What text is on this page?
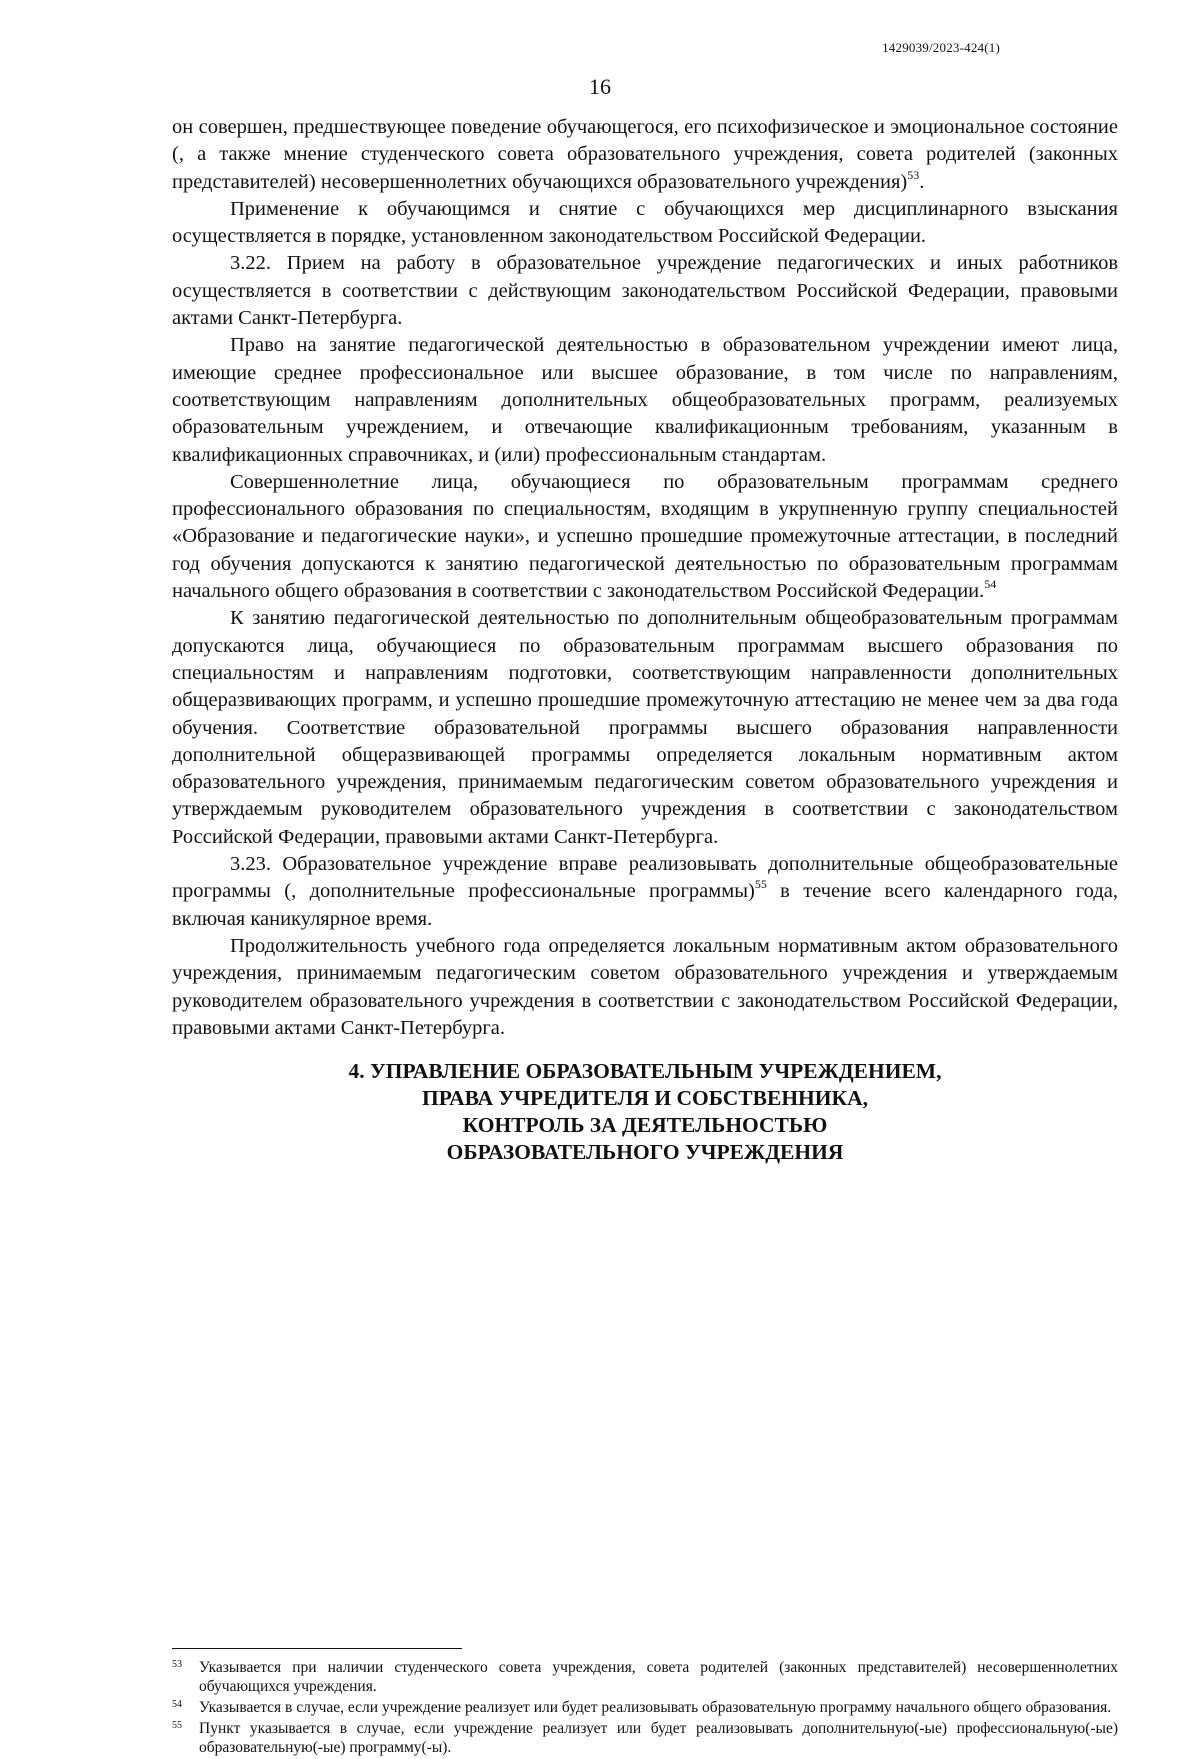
1429039/2023-424(1)
16

он совершен, предшествующее поведение обучающегося, его психофизическое и эмоциональное состояние (, а также мнение студенческого совета образовательного учреждения, совета родителей (законных представителей) несовершеннолетних обучающихся образовательного учреждения)$^{53}$.

Применение к обучающимся и снятие с обучающихся мер дисциплинарного взыскания осуществляется в порядке, установленном законодательством Российской Федерации.

3.22. Прием на работу в образовательное учреждение педагогических и иных работников осуществляется в соответствии с действующим законодательством Российской Федерации, правовыми актами Санкт-Петербурга.

Право на занятие педагогической деятельностью в образовательном учреждении имеют лица, имеющие среднее профессиональное или высшее образование, в том числе по направлениям, соответствующим направлениям дополнительных общеобразовательных программ, реализуемых образовательным учреждением, и отвечающие квалификационным требованиям, указанным в квалификационных справочниках, и (или) профессиональным стандартам.

Совершеннолетние лица, обучающиеся по образовательным программам среднего профессионального образования по специальностям, входящим в укрупненную группу специальностей «Образование и педагогические науки», и успешно прошедшие промежуточные аттестации, в последний год обучения допускаются к занятию педагогической деятельностью по образовательным программам начального общего образования в соответствии с законодательством Российской Федерации.$^{54}$

К занятию педагогической деятельностью по дополнительным общеобразовательным программам допускаются лица, обучающиеся по образовательным программам высшего образования по специальностям и направлениям подготовки, соответствующим направленности дополнительных общеразвивающих программ, и успешно прошедшие промежуточную аттестацию не менее чем за два года обучения. Соответствие образовательной программы высшего образования направленности дополнительной общеразвивающей программы определяется локальным нормативным актом образовательного учреждения, принимаемым педагогическим советом образовательного учреждения и утверждаемым руководителем образовательного учреждения в соответствии с законодательством Российской Федерации, правовыми актами Санкт-Петербурга.

3.23. Образовательное учреждение вправе реализовывать дополнительные общеобразовательные программы (, дополнительные профессиональные программы)$^{55}$ в течение всего календарного года, включая каникулярное время.

Продолжительность учебного года определяется локальным нормативным актом образовательного учреждения, принимаемым педагогическим советом образовательного учреждения и утверждаемым руководителем образовательного учреждения в соответствии с законодательством Российской Федерации, правовыми актами Санкт-Петербурга.

4. УПРАВЛЕНИЕ ОБРАЗОВАТЕЛЬНЫМ УЧРЕЖДЕНИЕМ,
ПРАВА УЧРЕДИТЕЛЯ И СОБСТВЕННИКА,
КОНТРОЛЬ ЗА ДЕЯТЕЛЬНОСТЬЮ
ОБРАЗОВАТЕЛЬНОГО УЧРЕЖДЕНИЯ
53 Указывается при наличии студенческого совета учреждения, совета родителей (законных представителей) несовершеннолетних обучающихся учреждения.
54 Указывается в случае, если учреждение реализует или будет реализовывать образовательную программу начального общего образования.
55 Пункт указывается в случае, если учреждение реализует или будет реализовывать дополнительную(-ые) профессиональную(-ые) образовательную(-ые) программу(-ы).
